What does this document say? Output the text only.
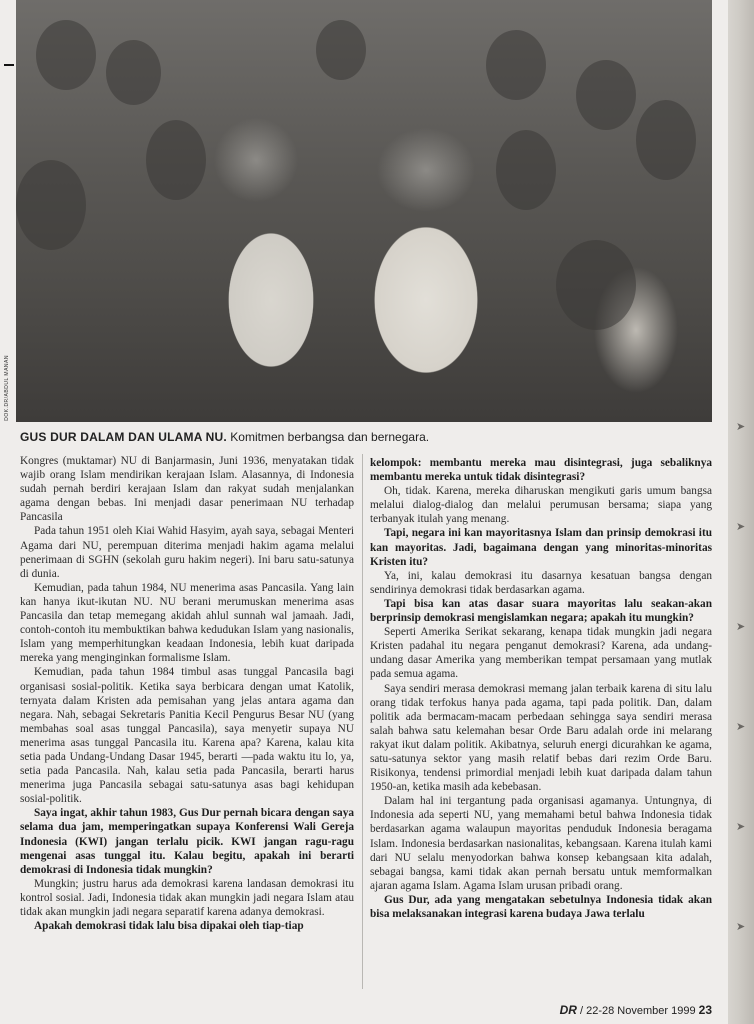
DOK.DR/ABDUL MANAN
GUS DUR DALAM DAN ULAMA NU. Komitmen berbangsa dan bernegara.

Kongres (muktamar) NU di Banjarmasin, Juni 1936, menyatakan tidak wajib orang Islam mendirikan kerajaan Islam. Alasannya, di Indonesia sudah pernah berdiri kerajaan Islam dan rakyat sudah menjalankan agama dengan bebas. Ini menjadi dasar penerimaan NU terhadap Pancasila

Pada tahun 1951 oleh Kiai Wahid Hasyim, ayah saya, sebagai Menteri Agama dari NU, perempuan diterima menjadi hakim agama melalui penerimaan di SGHN (sekolah guru hakim negeri). Ini baru satu-satunya di dunia.

Kemudian, pada tahun 1984, NU menerima asas Pancasila. Yang lain kan hanya ikut-ikutan NU. NU berani merumuskan menerima asas Pancasila dan tetap memegang akidah ahlul sunnah wal jamaah. Jadi, contoh-contoh itu membuktikan bahwa kedudukan Islam yang nasionalis, Islam yang memperhitungkan keadaan Indonesia, lebih kuat daripada mereka yang menginginkan formalisme Islam.

Kemudian, pada tahun 1984 timbul asas tunggal Pancasila bagi organisasi sosial-politik. Ketika saya berbicara dengan umat Katolik, ternyata dalam Kristen ada pemisahan yang jelas antara agama dan negara. Nah, sebagai Sekretaris Panitia Kecil Pengurus Besar NU (yang membahas soal asas tunggal Pancasila), saya menyetir supaya NU menerima asas tunggal Pancasila itu. Karena apa? Karena, kalau kita setia pada Undang-Undang Dasar 1945, berarti —pada waktu itu lo, ya, setia pada Pancasila. Nah, kalau setia pada Pancasila, berarti harus menerima juga Pancasila sebagai satu-satunya asas bagi kehidupan sosial-politik.

Saya ingat, akhir tahun 1983, Gus Dur pernah bicara dengan saya selama dua jam, memperingatkan supaya Konferensi Wali Gereja Indonesia (KWI) jangan terlalu picik. KWI jangan ragu-ragu mengenai asas tunggal itu. Kalau begitu, apakah ini berarti demokrasi di Indonesia tidak mungkin?

Mungkin; justru harus ada demokrasi karena landasan demokrasi itu kontrol sosial. Jadi, Indonesia tidak akan mungkin jadi negara Islam atau tidak akan mungkin jadi negara separatif karena adanya demokrasi.

Apakah demokrasi tidak lalu bisa dipakai oleh tiap-tiap

kelompok: membantu mereka mau disintegrasi, juga sebaliknya membantu mereka untuk tidak disintegrasi?

Oh, tidak. Karena, mereka diharuskan mengikuti garis umum bangsa melalui dialog-dialog dan melalui perumusan bersama; siapa yang terbanyak itulah yang menang.

Tapi, negara ini kan mayoritasnya Islam dan prinsip demokrasi itu kan mayoritas. Jadi, bagaimana dengan yang minoritas-minoritas Kristen itu?

Ya, ini, kalau demokrasi itu dasarnya kesatuan bangsa dengan sendirinya demokrasi tidak berdasarkan agama.

Tapi bisa kan atas dasar suara mayoritas lalu seakan-akan berprinsip demokrasi mengislamkan negara; apakah itu mungkin?

Seperti Amerika Serikat sekarang, kenapa tidak mungkin jadi negara Kristen padahal itu negara penganut demokrasi? Karena, ada undang-undang dasar Amerika yang memberikan tempat persamaan yang mutlak pada semua agama.

Saya sendiri merasa demokrasi memang jalan terbaik karena di situ lalu orang tidak terfokus hanya pada agama, tapi pada politik. Dan, dalam politik ada bermacam-macam perbedaan sehingga saya sendiri merasa salah bahwa satu kelemahan besar Orde Baru adalah orde ini melarang rakyat ikut dalam politik. Akibatnya, seluruh energi dicurahkan ke agama, satu-satunya sektor yang masih relatif bebas dari rezim Orde Baru. Risikonya, tendensi primordial menjadi lebih kuat daripada dalam tahun 1950-an, ketika masih ada kebebasan.

Dalam hal ini tergantung pada organisasi agamanya. Untungnya, di Indonesia ada seperti NU, yang memahami betul bahwa Indonesia tidak berdasarkan agama walaupun mayoritas penduduk Indonesia beragama Islam. Indonesia berdasarkan nasionalitas, kebangsaan. Karena itulah kami dari NU selalu menyodorkan bahwa konsep kebangsaan kita adalah, sebagai bangsa, kami tidak akan pernah bersatu untuk memformalkan ajaran agama Islam. Agama Islam urusan pribadi orang.

Gus Dur, ada yang mengatakan sebetulnya Indonesia tidak akan bisa melaksanakan integrasi karena budaya Jawa terlalu

DR / 22-28 November 1999 23
➤
➤
➤
➤
➤
➤
